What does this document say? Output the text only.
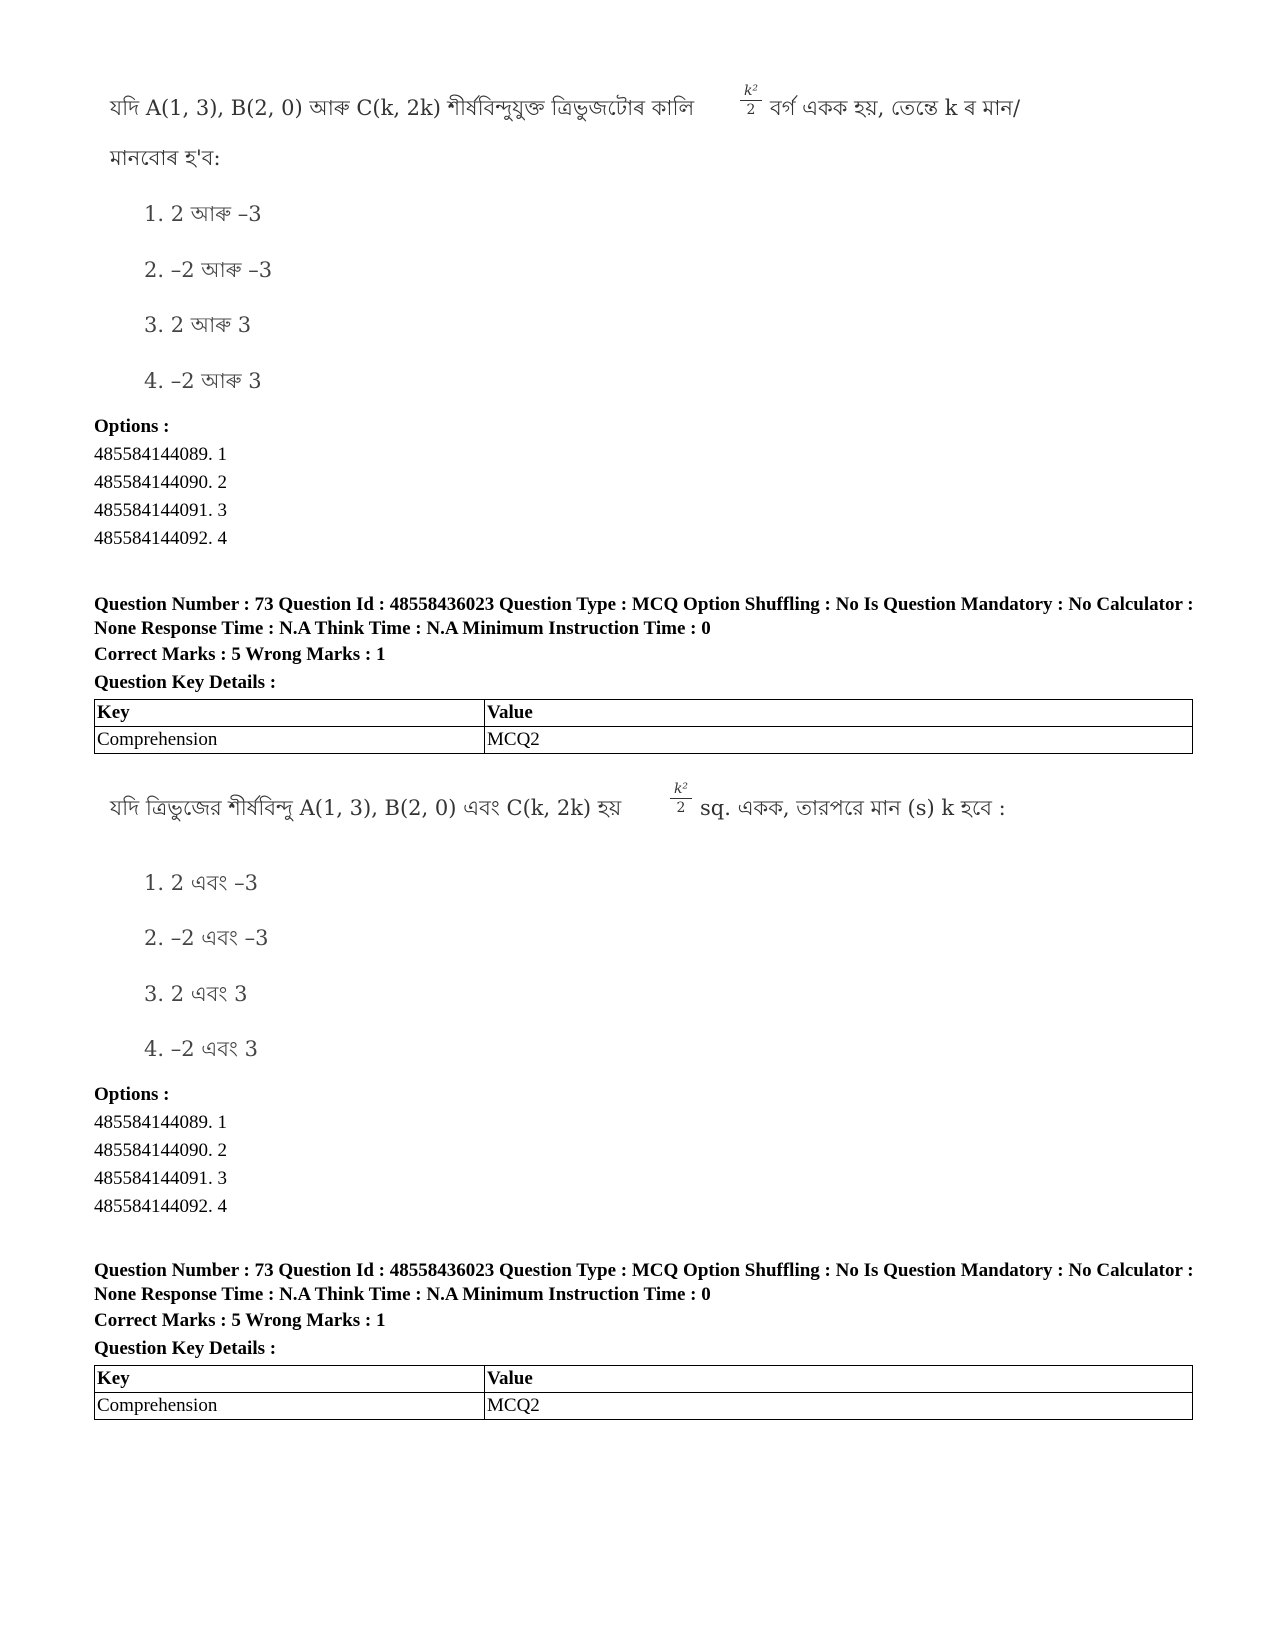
যদি A(1, 3), B(2, 0) আৰু C(k, 2k) শীৰ্ষবিন্দুযুক্ত ত্ৰিভুজটোৰ কালি	$\frac{\text{k²}}{2}$ বৰ্গ একক হয়, তেন্তে k ৰ মান/
মানবোৰ হ'ব:
1. 2 আৰু –3
2. –2 আৰু –3
3. 2 আৰু 3
4. –2 আৰু 3
Options :
485584144089. 1
485584144090. 2
485584144091. 3
485584144092. 4
Question Number : 73 Question Id : 48558436023 Question Type : MCQ Option Shuffling : No Is Question Mandatory : No Calculator : None Response Time : N.A Think Time : N.A Minimum Instruction Time : 0
Correct Marks : 5 Wrong Marks : 1
Question Key Details :
Key	Value
Comprehension	MCQ2
যদি ত্রিভুজের শীর্ষবিন্দু A(1, 3), B(2, 0) এবং C(k, 2k) হয়	$\frac{\text{k²}}{2}$ sq. একক, তারপরে মান (s) k হবে :
1. 2 এবং –3
2. –2 এবং –3
3. 2 এবং 3
4. –2 এবং 3
Options :
485584144089. 1
485584144090. 2
485584144091. 3
485584144092. 4
Question Number : 73 Question Id : 48558436023 Question Type : MCQ Option Shuffling : No Is Question Mandatory : No Calculator : None Response Time : N.A Think Time : N.A Minimum Instruction Time : 0
Correct Marks : 5 Wrong Marks : 1
Question Key Details :
Key	Value
Comprehension	MCQ2
